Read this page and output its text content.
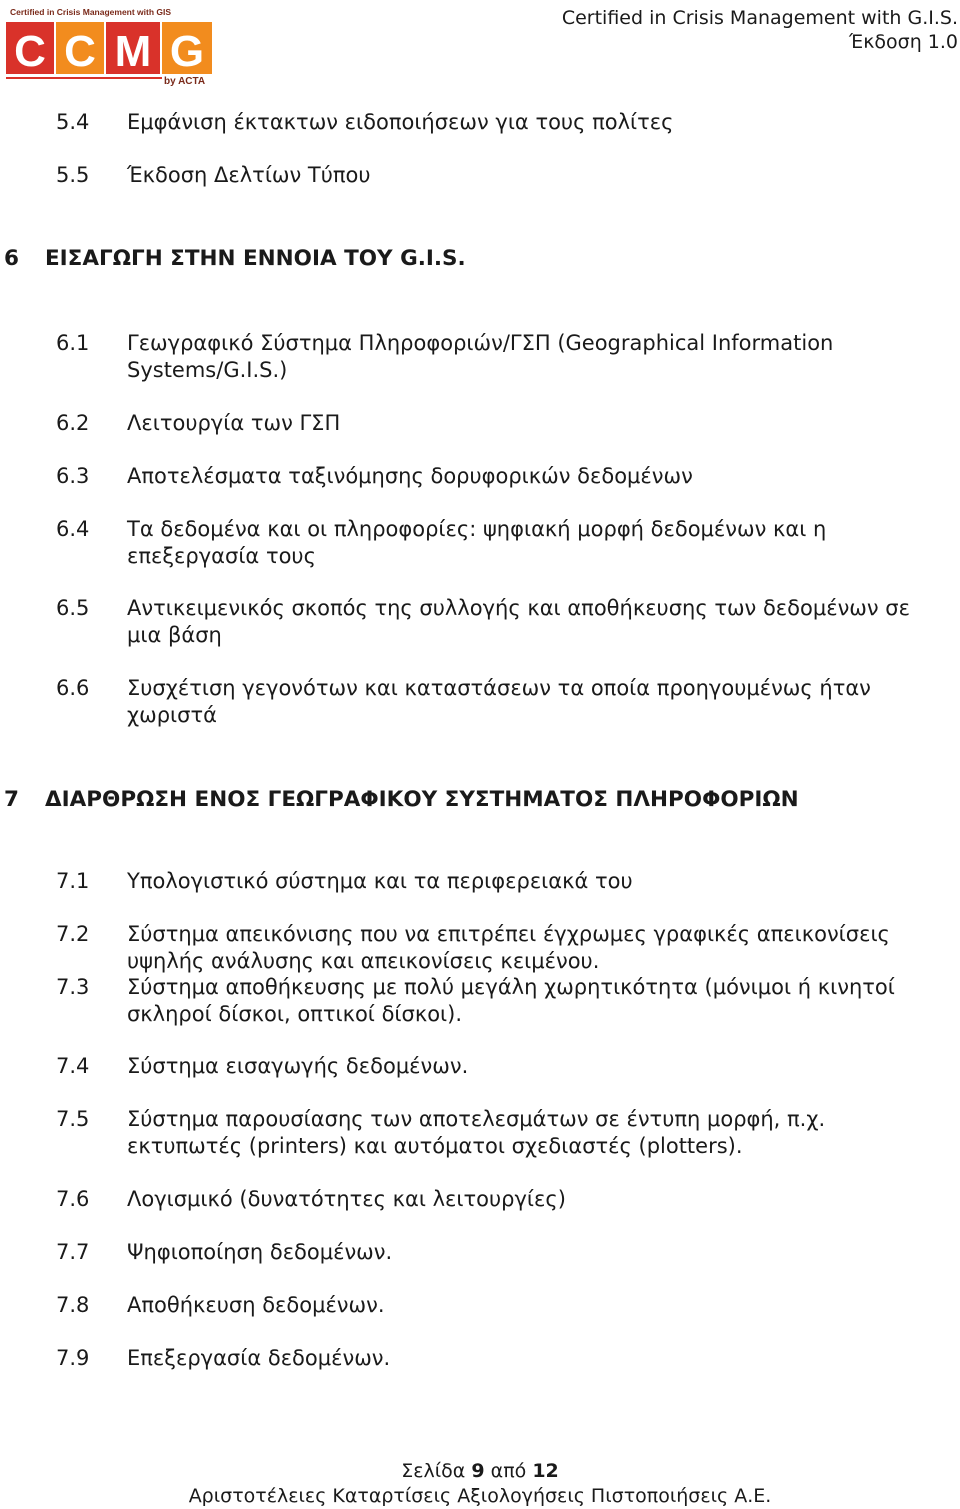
Certified in Crisis Management with GIS
C C M G
by ACTA
Certified in Crisis Management with G.I.S.
Έκδοση 1.0
5.4	Εμφάνιση έκτακτων ειδοποιήσεων για τους πολίτες
5.5	Έκδοση Δελτίων Τύπου
6 ΕΙΣΑΓΩΓΗ ΣΤΗΝ ΕΝΝΟΙΑ ΤΟΥ G.I.S.
6.1	Γεωγραφικό Σύστημα Πληροφοριών/ΓΣΠ (Geographical Information Systems/G.I.S.)
6.2	Λειτουργία των ΓΣΠ
6.3	Αποτελέσματα ταξινόμησης δορυφορικών δεδομένων
6.4	Τα δεδομένα και οι πληροφορίες: ψηφιακή μορφή δεδομένων και η επεξεργασία τους
6.5	Αντικειμενικός σκοπός της συλλογής και αποθήκευσης των δεδομένων σε μια βάση
6.6	Συσχέτιση γεγονότων και καταστάσεων τα οποία προηγουμένως ήταν χωριστά
7 ΔΙΑΡΘΡΩΣΗ ΕΝΟΣ ΓΕΩΓΡΑΦΙΚΟΥ ΣΥΣΤΗΜΑΤΟΣ ΠΛΗΡΟΦΟΡΙΩΝ
7.1	Υπολογιστικό σύστημα και τα περιφερειακά του
7.2	Σύστημα απεικόνισης που να επιτρέπει έγχρωμες γραφικές απεικονίσεις υψηλής ανάλυσης και απεικονίσεις κειμένου.
7.3	Σύστημα αποθήκευσης με πολύ μεγάλη χωρητικότητα (μόνιμοι ή κινητοί σκληροί δίσκοι, οπτικοί δίσκοι).
7.4	Σύστημα εισαγωγής δεδομένων.
7.5	Σύστημα παρουσίασης των αποτελεσμάτων σε έντυπη μορφή, π.χ. εκτυπωτές (printers) και αυτόματοι σχεδιαστές (plotters).
7.6	Λογισμικό (δυνατότητες και λειτουργίες)
7.7	Ψηφιοποίηση δεδομένων.
7.8	Αποθήκευση δεδομένων.
7.9	Επεξεργασία δεδομένων.
Σελίδα 9 από 12
Αριστοτέλειες Καταρτίσεις Αξιολογήσεις Πιστοποιήσεις Α.Ε.
